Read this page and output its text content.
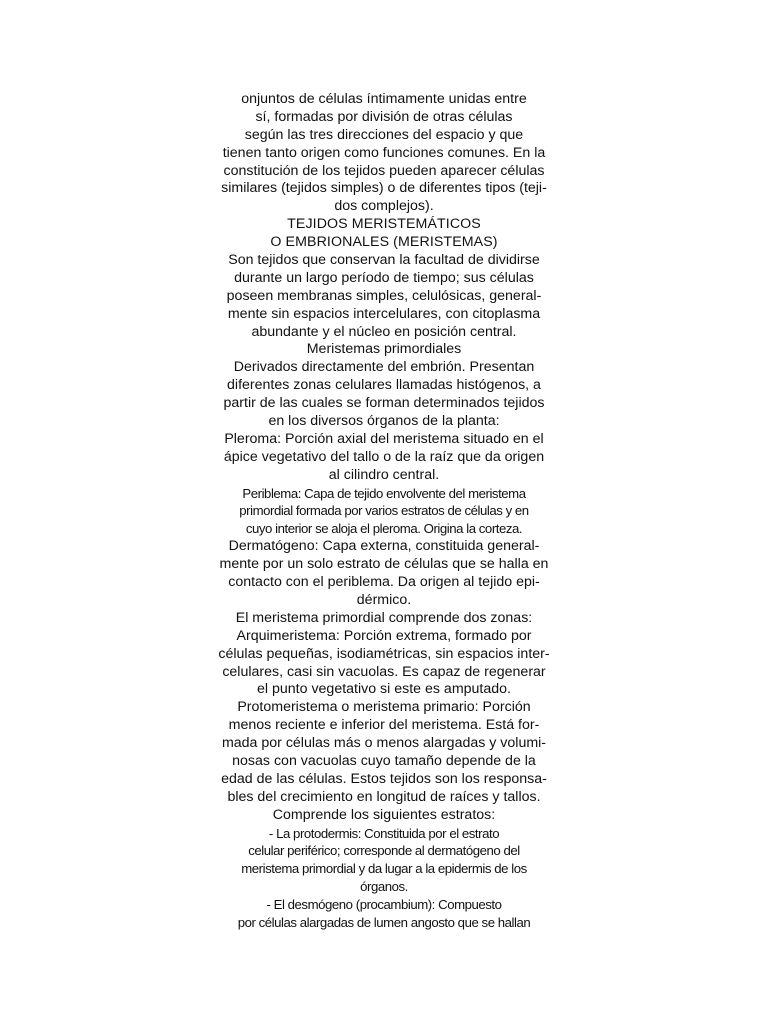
onjuntos de células íntimamente unidas entre
sí, formadas por división de otras células
según las tres direcciones del espacio y que
tienen tanto origen como funciones comunes. En la
constitución de los tejidos pueden aparecer células
similares (tejidos simples) o de diferentes tipos (teji-
dos complejos).
TEJIDOS MERISTEMÁTICOS
O EMBRIONALES (MERISTEMAS)
Son tejidos que conservan la facultad de dividirse
durante un largo período de tiempo; sus células
poseen membranas simples, celulósicas, general-
mente sin espacios intercelulares, con citoplasma
abundante y el núcleo en posición central.
Meristemas primordiales
Derivados directamente del embrión. Presentan
diferentes zonas celulares llamadas histógenos, a
partir de las cuales se forman determinados tejidos
en los diversos órganos de la planta:
Pleroma: Porción axial del meristema situado en el
ápice vegetativo del tallo o de la raíz que da origen
al cilindro central.
Periblema: Capa de tejido envolvente del meristema
primordial formada por varios estratos de células y en
cuyo interior se aloja el pleroma. Origina la corteza.
Dermatógeno: Capa externa, constituida general-
mente por un solo estrato de células que se halla en
contacto con el periblema. Da origen al tejido epi-
dérmico.
El meristema primordial comprende dos zonas:
Arquimeristema: Porción extrema, formado por
células pequeñas, isodiamétricas, sin espacios inter-
celulares, casi sin vacuolas. Es capaz de regenerar
el punto vegetativo si este es amputado.
Protomeristema o meristema primario: Porción
menos reciente e inferior del meristema. Está for-
mada por células más o menos alargadas y volumi-
nosas con vacuolas cuyo tamaño depende de la
edad de las células. Estos tejidos son los responsa-
bles del crecimiento en longitud de raíces y tallos.
Comprende los siguientes estratos:
- La protodermis: Constituida por el estrato
celular periférico; corresponde al dermatógeno del
meristema primordial y da lugar a la epidermis de los
órganos.
- El desmógeno (procambium): Compuesto
por células alargadas de lumen angosto que se hallan
